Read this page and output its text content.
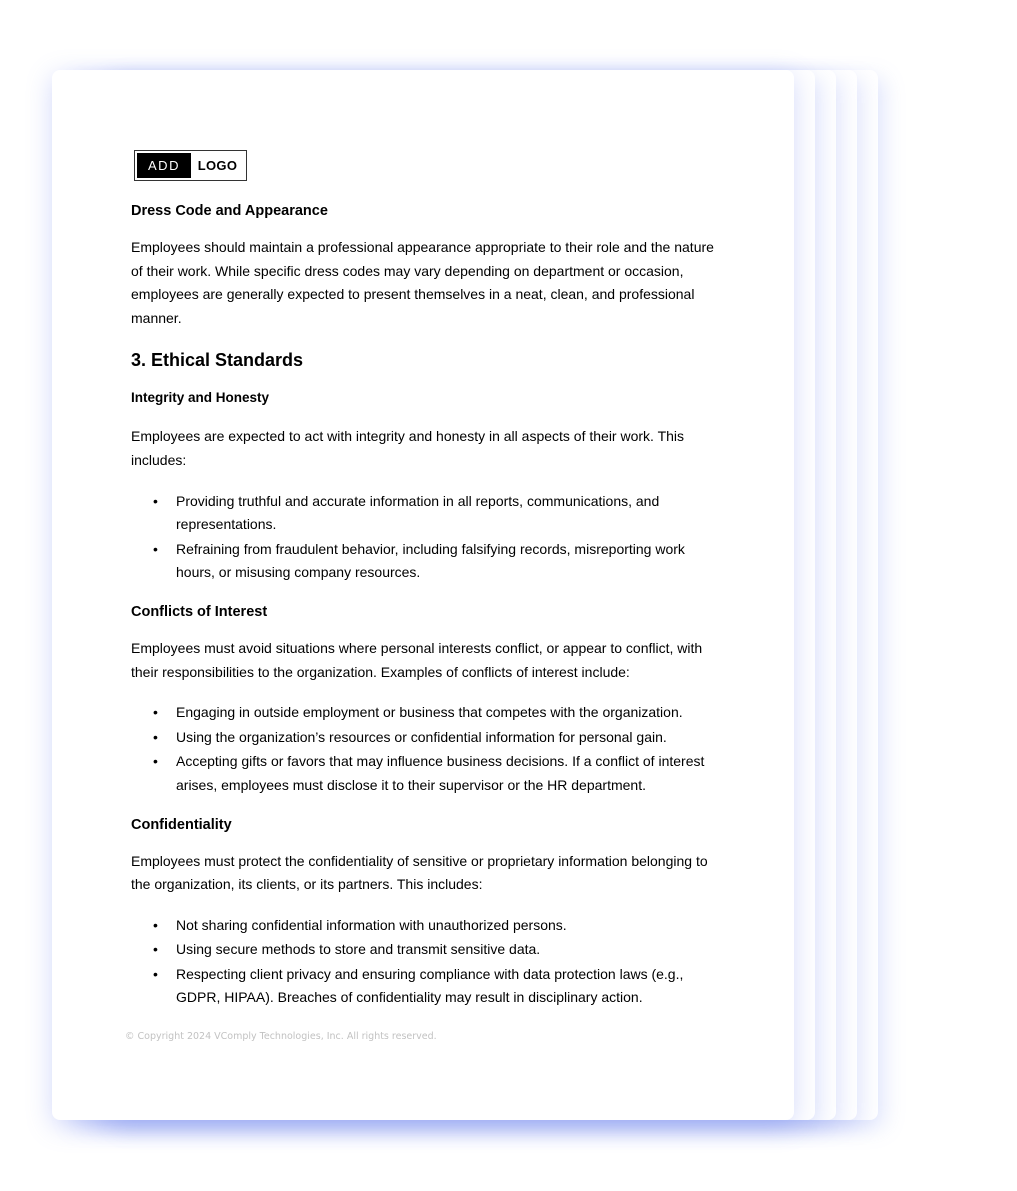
ADD	LOGO
Dress Code and Appearance

Employees should maintain a professional appearance appropriate to their role and the nature of their work. While specific dress codes may vary depending on department or occasion, employees are generally expected to present themselves in a neat, clean, and professional manner.

3. Ethical Standards
Integrity and Honesty

Employees are expected to act with integrity and honesty in all aspects of their work. This includes:

• Providing truthful and accurate information in all reports, communications, and representations.
• Refraining from fraudulent behavior, including falsifying records, misreporting work hours, or misusing company resources.
Conflicts of Interest

Employees must avoid situations where personal interests conflict, or appear to conflict, with their responsibilities to the organization. Examples of conflicts of interest include:

• Engaging in outside employment or business that competes with the organization.
• Using the organization’s resources or confidential information for personal gain.
• Accepting gifts or favors that may influence business decisions. If a conflict of interest arises, employees must disclose it to their supervisor or the HR department.
Confidentiality

Employees must protect the confidentiality of sensitive or proprietary information belonging to the organization, its clients, or its partners. This includes:

• Not sharing confidential information with unauthorized persons.
• Using secure methods to store and transmit sensitive data.
• Respecting client privacy and ensuring compliance with data protection laws (e.g., GDPR, HIPAA). Breaches of confidentiality may result in disciplinary action.
© Copyright 2024 VComply Technologies, Inc. All rights reserved.
